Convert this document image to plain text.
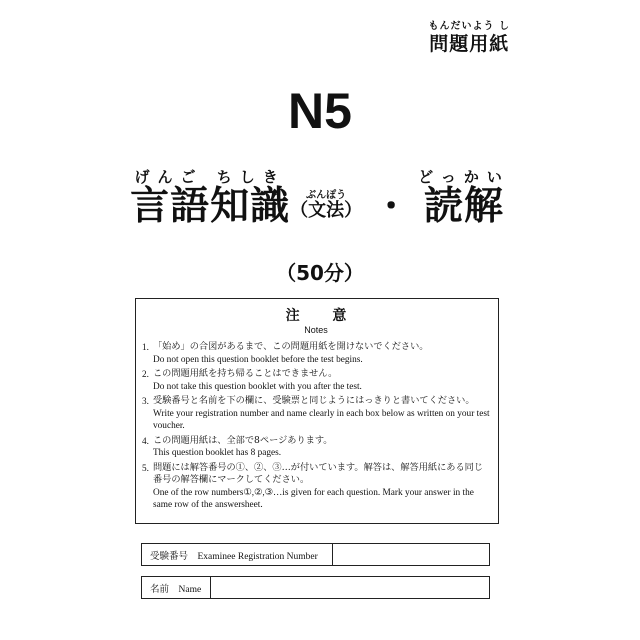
もんだいよう し
問題用紙
N5
げんご ちしき
言語知識 ぶんぽう
（文法） ・
どっかい
読解
（50分）
注 意
Notes
1. 「始め」の合図があるまで、この問題用紙を開けないでください。
Do not open this question booklet before the test begins.
2. この問題用紙を持ち帰ることはできません。
Do not take this question booklet with you after the test.
3. 受験番号と名前を下の欄に、受験票と同じようにはっきりと書いてください。
Write your registration number and name clearly in each box below as written on your test voucher.
4. この問題用紙は、全部で8ページあります。
This question booklet has 8 pages.
5. 問題には解答番号の①、②、③…が付いています。解答は、解答用紙にある同じ番号の解答欄にマークしてください。
One of the row numbers①,②,③…is given for each question. Mark your answer in the same row of the answersheet.
受験番号　Examinee Registration Number
名前　Name
